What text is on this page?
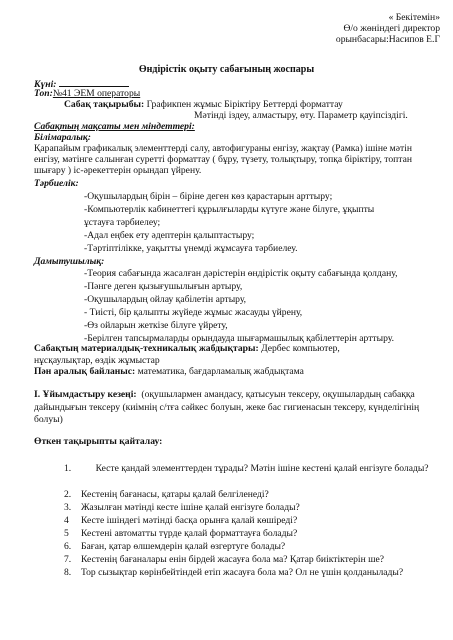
« Бекітемін»
Ө/о жөніндегі директор
орынбасары:Насипов Е.Г
Өндірістік оқыту сабағының жоспары
Күні:
Топ:№41 ЭЕМ операторы
Сабақ тақырыбы: Графикпен жұмыс Біріктіру Беттерді форматтау
Мәтінді іздеу, алмастыру, өту. Параметр қауіпсіздігі.
Сабақтың мақсаты мен міндеттері:
Білімаралық:

Қарапайым графикалық элементтерді салу, автофигураны енгізу, жақтау (Рамка) ішіне мәтін енгізу, мәтінге салынған суретті форматтау ( бұру, түзету, толықтыру, топқа біріктіру, топтан шығару ) іс-әрекеттерін орындап үйрену.

Тәрбиелік:
-Оқушылардың бірін – біріне деген көз қарастарын арттыру;
-Компьютерлік кабинеттегі құрылғыларды күтуге және білуге, ұқыпты
ұстауға тәрбиелеу;
-Адал еңбек ету әдептерін қалыптастыру;
-Тәртіптілікке, уақытты үнемді жұмсауға тәрбиелеу.
Дамытушылық:
-Теория сабағында жасалған дәрістерін өндірістік оқыту сабағында қолдану,
-Пәнге деген қызығушылығын артыру,
-Оқушылардың ойлау қабілетін артыру,
- Тиісті, бір қалыпты жүйеде жұмыс жасауды үйрену,
-Өз ойларын жеткізе білуге үйрету,
-Берілген тапсырмаларды орындауда шығармашылық қабілеттерін арттыру.
Сабақтың материалдық-техникалық жабдықтары: Дербес компьютер,
нұсқаулықтар, өздік жұмыстар
Пән аралық байланыс: математика, бағдарламалық жабдықтама

І. Ұйымдастыру кезеңі: (оқушылармен амандасу, қатысуын тексеру, оқушылардың сабаққа дайындығын тексеру (киімнің с/тға сәйкес болуын, жеке бас гигиенасын тексеру, күнделігінің болуы)

Өткен тақырыпты қайталау:
1.	Кесте қандай элементтерден тұрады? Мәтін ішіне кестені қалай енгізуге болады?
2. Кестенің бағанасы, қатары қалай белгіленеді?
3. Жазылған мәтінді кесте ішіне қалай енгізуге болады?
4 Кесте ішіндегі мәтінді басқа орынға қалай көшіреді?
5 Кестені автоматты түрде қалай форматтауға болады?
6. Баған, қатар өлшемдерін қалай өзгертуге болады?
7. Кестенің бағаналары енін бірдей жасауға бола ма? Қатар биіктіктерін ше?
8. Тор сызықтар көрінбейтіндей етіп жасауға бола ма? Ол не үшін қолданылады?
